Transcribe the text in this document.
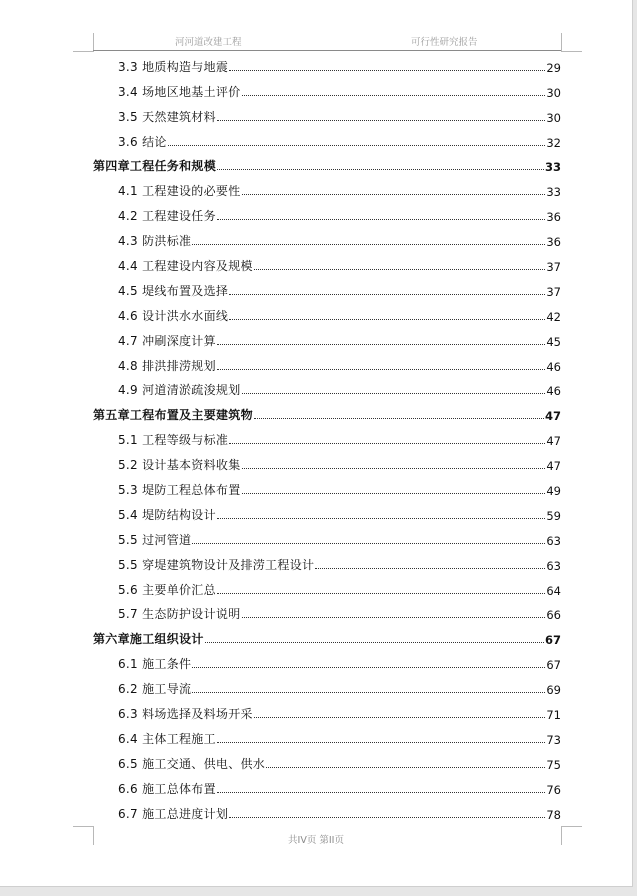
河河道改建工程	可行性研究报告
3.3 地质构造与地震	29
3.4 场地区地基土评价	30
3.5 天然建筑材料	30
3.6 结论	32
第四章工程任务和规模	33
4.1 工程建设的必要性	33
4.2 工程建设任务	36
4.3 防洪标准	36
4.4 工程建设内容及规模	37
4.5 堤线布置及选择	37
4.6 设计洪水水面线	42
4.7 冲刷深度计算	45
4.8 排洪排涝规划	46
4.9 河道清淤疏浚规划	46
第五章工程布置及主要建筑物	47
5.1 工程等级与标准	47
5.2 设计基本资料收集	47
5.3 堤防工程总体布置	49
5.4 堤防结构设计	59
5.5 过河管道	63
5.5 穿堤建筑物设计及排涝工程设计	63
5.6 主要单价汇总	64
5.7 生态防护设计说明	66
第六章施工组织设计	67
6.1 施工条件	67
6.2 施工导流	69
6.3 料场选择及料场开采	71
6.4 主体工程施工	73
6.5 施工交通、供电、供水	75
6.6 施工总体布置	76
6.7 施工总进度计划	78
共IV页 第II页
